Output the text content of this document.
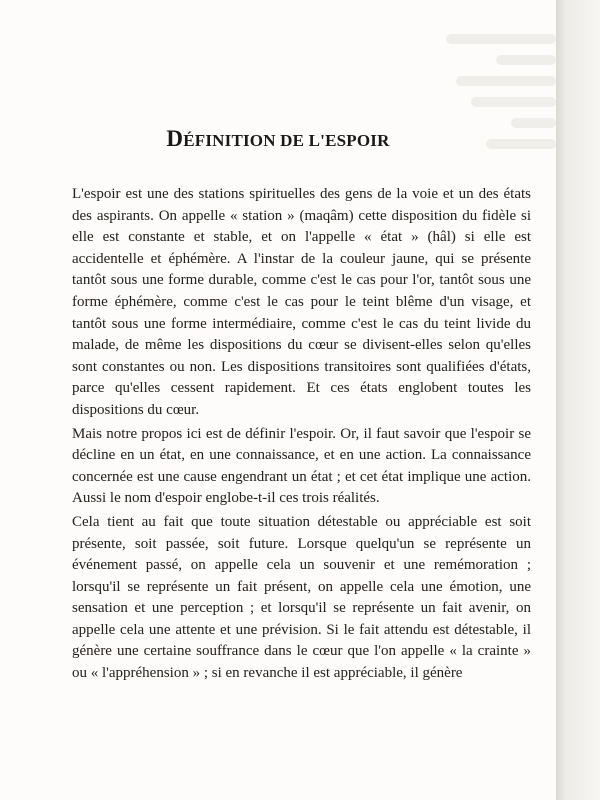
DÉFINITION DE L'ESPOIR

L'espoir est une des stations spirituelles des gens de la voie et un des états des aspirants. On appelle « station » (maqâm) cette disposition du fidèle si elle est constante et stable, et on l'appelle « état » (hâl) si elle est accidentelle et éphémère. A l'instar de la couleur jaune, qui se présente tantôt sous une forme durable, comme c'est le cas pour l'or, tantôt sous une forme éphémère, comme c'est le cas pour le teint blême d'un visage, et tantôt sous une forme intermédiaire, comme c'est le cas du teint livide du malade, de même les dispositions du cœur se divisent-elles selon qu'elles sont constantes ou non. Les dispositions transitoires sont qualifiées d'états, parce qu'elles cessent rapidement. Et ces états englobent toutes les dispositions du cœur.

Mais notre propos ici est de définir l'espoir. Or, il faut savoir que l'espoir se décline en un état, en une connaissance, et en une action. La connaissance concernée est une cause engendrant un état ; et cet état implique une action. Aussi le nom d'espoir englobe-t-il ces trois réalités.

Cela tient au fait que toute situation détestable ou appréciable est soit présente, soit passée, soit future. Lorsque quelqu'un se représente un événement passé, on appelle cela un souvenir et une remémoration ; lorsqu'il se représente un fait présent, on appelle cela une émotion, une sensation et une perception ; et lorsqu'il se représente un fait avenir, on appelle cela une attente et une prévision. Si le fait attendu est détestable, il génère une certaine souffrance dans le cœur que l'on appelle « la crainte » ou « l'appréhension » ; si en revanche il est appréciable, il génère
